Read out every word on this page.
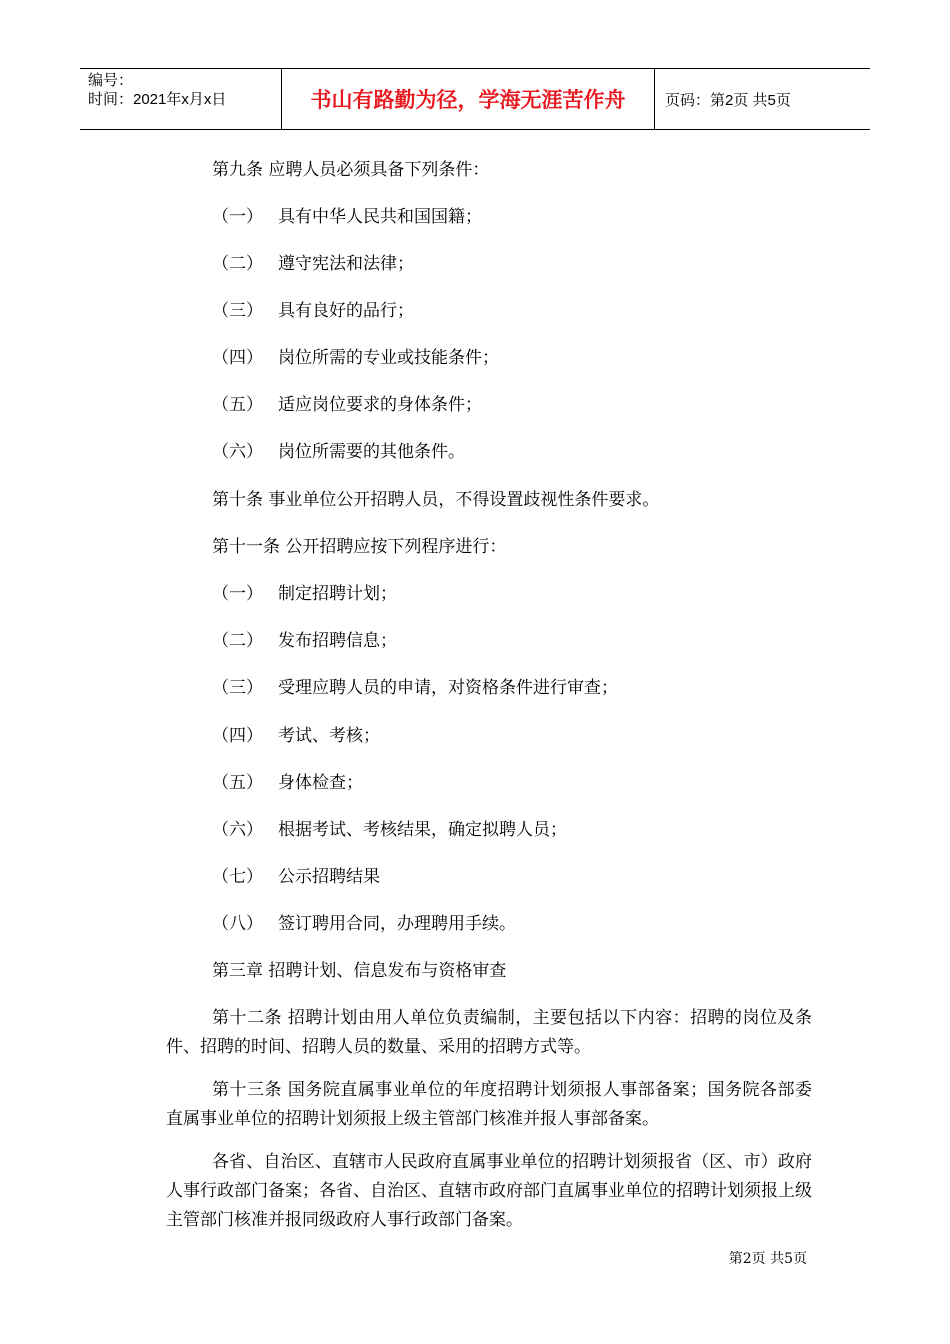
编号：
时间：2021年x月x日	书山有路勤为径，学海无涯苦作舟	页码：第2页 共5页
第九条 应聘人员必须具备下列条件：
（一） 具有中华人民共和国国籍；
（二） 遵守宪法和法律；
（三） 具有良好的品行；
（四） 岗位所需的专业或技能条件；
（五） 适应岗位要求的身体条件；
（六） 岗位所需要的其他条件。
第十条 事业单位公开招聘人员，不得设置歧视性条件要求。
第十一条 公开招聘应按下列程序进行：
（一） 制定招聘计划；
（二） 发布招聘信息；
（三） 受理应聘人员的申请，对资格条件进行审查；
（四） 考试、考核；
（五） 身体检查；
（六） 根据考试、考核结果，确定拟聘人员；
（七） 公示招聘结果
（八） 签订聘用合同，办理聘用手续。
第三章 招聘计划、信息发布与资格审查
第十二条 招聘计划由用人单位负责编制，主要包括以下内容：招聘的岗位及条件、招聘的时间、招聘人员的数量、采用的招聘方式等。
第十三条 国务院直属事业单位的年度招聘计划须报人事部备案；国务院各部委直属事业单位的招聘计划须报上级主管部门核准并报人事部备案。
各省、自治区、直辖市人民政府直属事业单位的招聘计划须报省（区、市）政府人事行政部门备案；各省、自治区、直辖市政府部门直属事业单位的招聘计划须报上级主管部门核准并报同级政府人事行政部门备案。
第2页 共5页
